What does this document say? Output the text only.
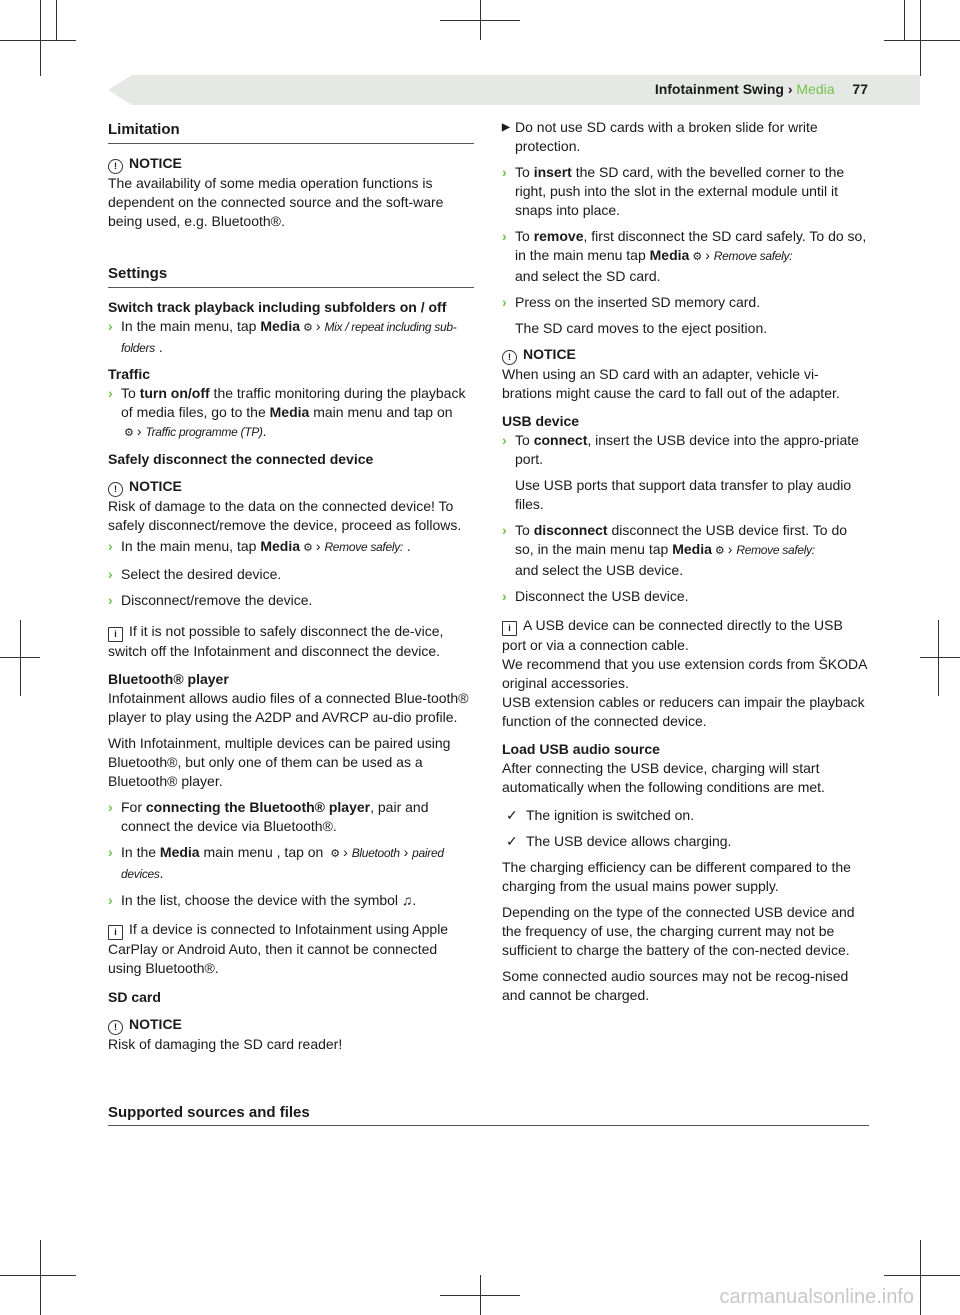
Infotainment Swing › Media 77
Limitation
! NOTICE
The availability of some media operation functions is dependent on the connected source and the soft-ware being used, e.g. Bluetooth®.
Settings
Switch track playback including subfolders on / off
› In the main menu, tap Media ⚙ › Mix / repeat including sub-folders .
Traffic
› To turn on/off the traffic monitoring during the playback of media files, go to the Media main menu and tap on ⚙ › Traffic programme (TP).
Safely disconnect the connected device
! NOTICE
Risk of damage to the data on the connected device! To safely disconnect/remove the device, proceed as follows.
› In the main menu, tap Media ⚙ › Remove safely: .
› Select the desired device.
› Disconnect/remove the device.
i If it is not possible to safely disconnect the de-vice, switch off the Infotainment and disconnect the device.
Bluetooth® player
Infotainment allows audio files of a connected Blue-tooth® player to play using the A2DP and AVRCP au-dio profile.
With Infotainment, multiple devices can be paired using Bluetooth®, but only one of them can be used as a Bluetooth® player.
› For connecting the Bluetooth® player, pair and connect the device via Bluetooth®.
› In the Media main menu , tap on ⚙ › Bluetooth › paired devices.
› In the list, choose the device with the symbol ♫.
i If a device is connected to Infotainment using Apple CarPlay or Android Auto, then it cannot be connected using Bluetooth®.
SD card
! NOTICE
Risk of damaging the SD card reader!
▶ Do not use SD cards with a broken slide for write protection.
› To insert the SD card, with the bevelled corner to the right, push into the slot in the external module until it snaps into place.
› To remove, first disconnect the SD card safely. To do so, in the main menu tap Media ⚙ › Remove safely:
and select the SD card.
› Press on the inserted SD memory card.
The SD card moves to the eject position.
! NOTICE
When using an SD card with an adapter, vehicle vi-brations might cause the card to fall out of the adapter.
USB device
› To connect, insert the USB device into the appro-priate port.
Use USB ports that support data transfer to play audio files.
› To disconnect disconnect the USB device first. To do so, in the main menu tap Media ⚙ › Remove safely:
and select the USB device.
› Disconnect the USB device.
i A USB device can be connected directly to the USB port or via a connection cable.
We recommend that you use extension cords from ŠKODA original accessories.
USB extension cables or reducers can impair the playback function of the connected device.
Load USB audio source
After connecting the USB device, charging will start automatically when the following conditions are met.
✓ The ignition is switched on.
✓ The USB device allows charging.
The charging efficiency can be different compared to the charging from the usual mains power supply.
Depending on the type of the connected USB device and the frequency of use, the charging current may not be sufficient to charge the battery of the con-nected device.
Some connected audio sources may not be recog-nised and cannot be charged.
Supported sources and files
carmanualsonline.info
